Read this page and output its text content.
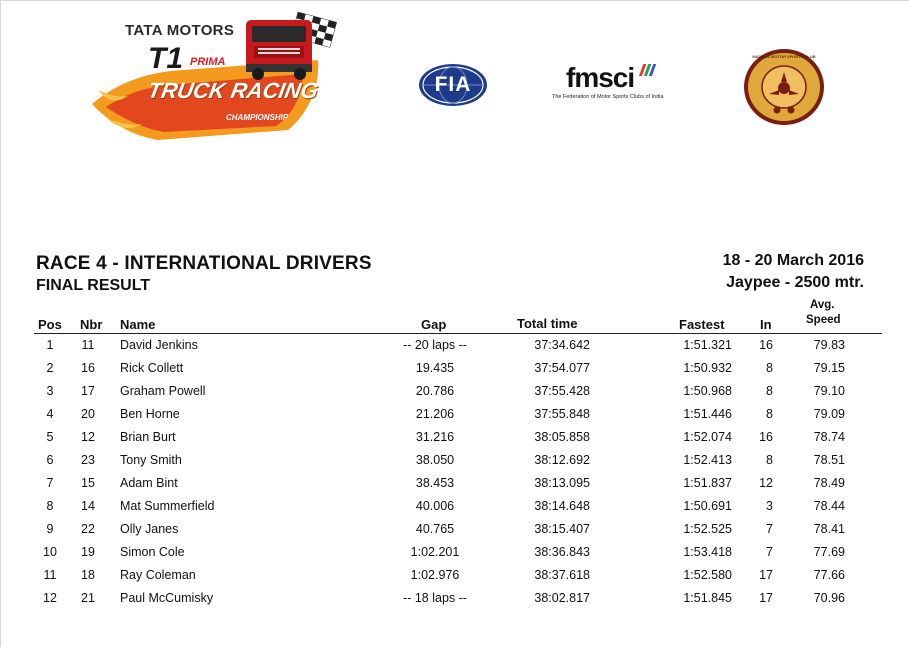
TATA MOTORS
T1 PRIMA
TRUCK RACING
CHAMPIONSHIP
FIA	fmsci
The Federation of Motor Sports Clubs of India
MADRAS MOTOR SPORTS CLUB
RACE 4 - INTERNATIONAL DRIVERS
FINAL RESULT
18 - 20 March 2016
Jaypee - 2500 mtr.
Pos Nbr Name	Gap	Total time	Fastest	In
Avg.
Speed
1	11	David Jenkins	-- 20 laps --	37:34.642	1:51.321	16	79.83
2	16	Rick Collett	19.435	37:54.077	1:50.932	8	79.15
3	17	Graham Powell	20.786	37:55.428	1:50.968	8	79.10
4	20	Ben Horne	21.206	37:55.848	1:51.446	8	79.09
5	12	Brian Burt	31.216	38:05.858	1:52.074	16	78.74
6	23	Tony Smith	38.050	38:12.692	1:52.413	8	78.51
7	15	Adam Bint	38.453	38:13.095	1:51.837	12	78.49
8	14	Mat Summerfield	40.006	38:14.648	1:50.691	3	78.44
9	22	Olly Janes	40.765	38:15.407	1:52.525	7	78.41
10	19	Simon Cole	1:02.201	38:36.843	1:53.418	7	77.69
11	18	Ray Coleman	1:02.976	38:37.618	1:52.580	17	77.66
12	21	Paul McCumisky	-- 18 laps --	38:02.817	1:51.845	17	70.96
